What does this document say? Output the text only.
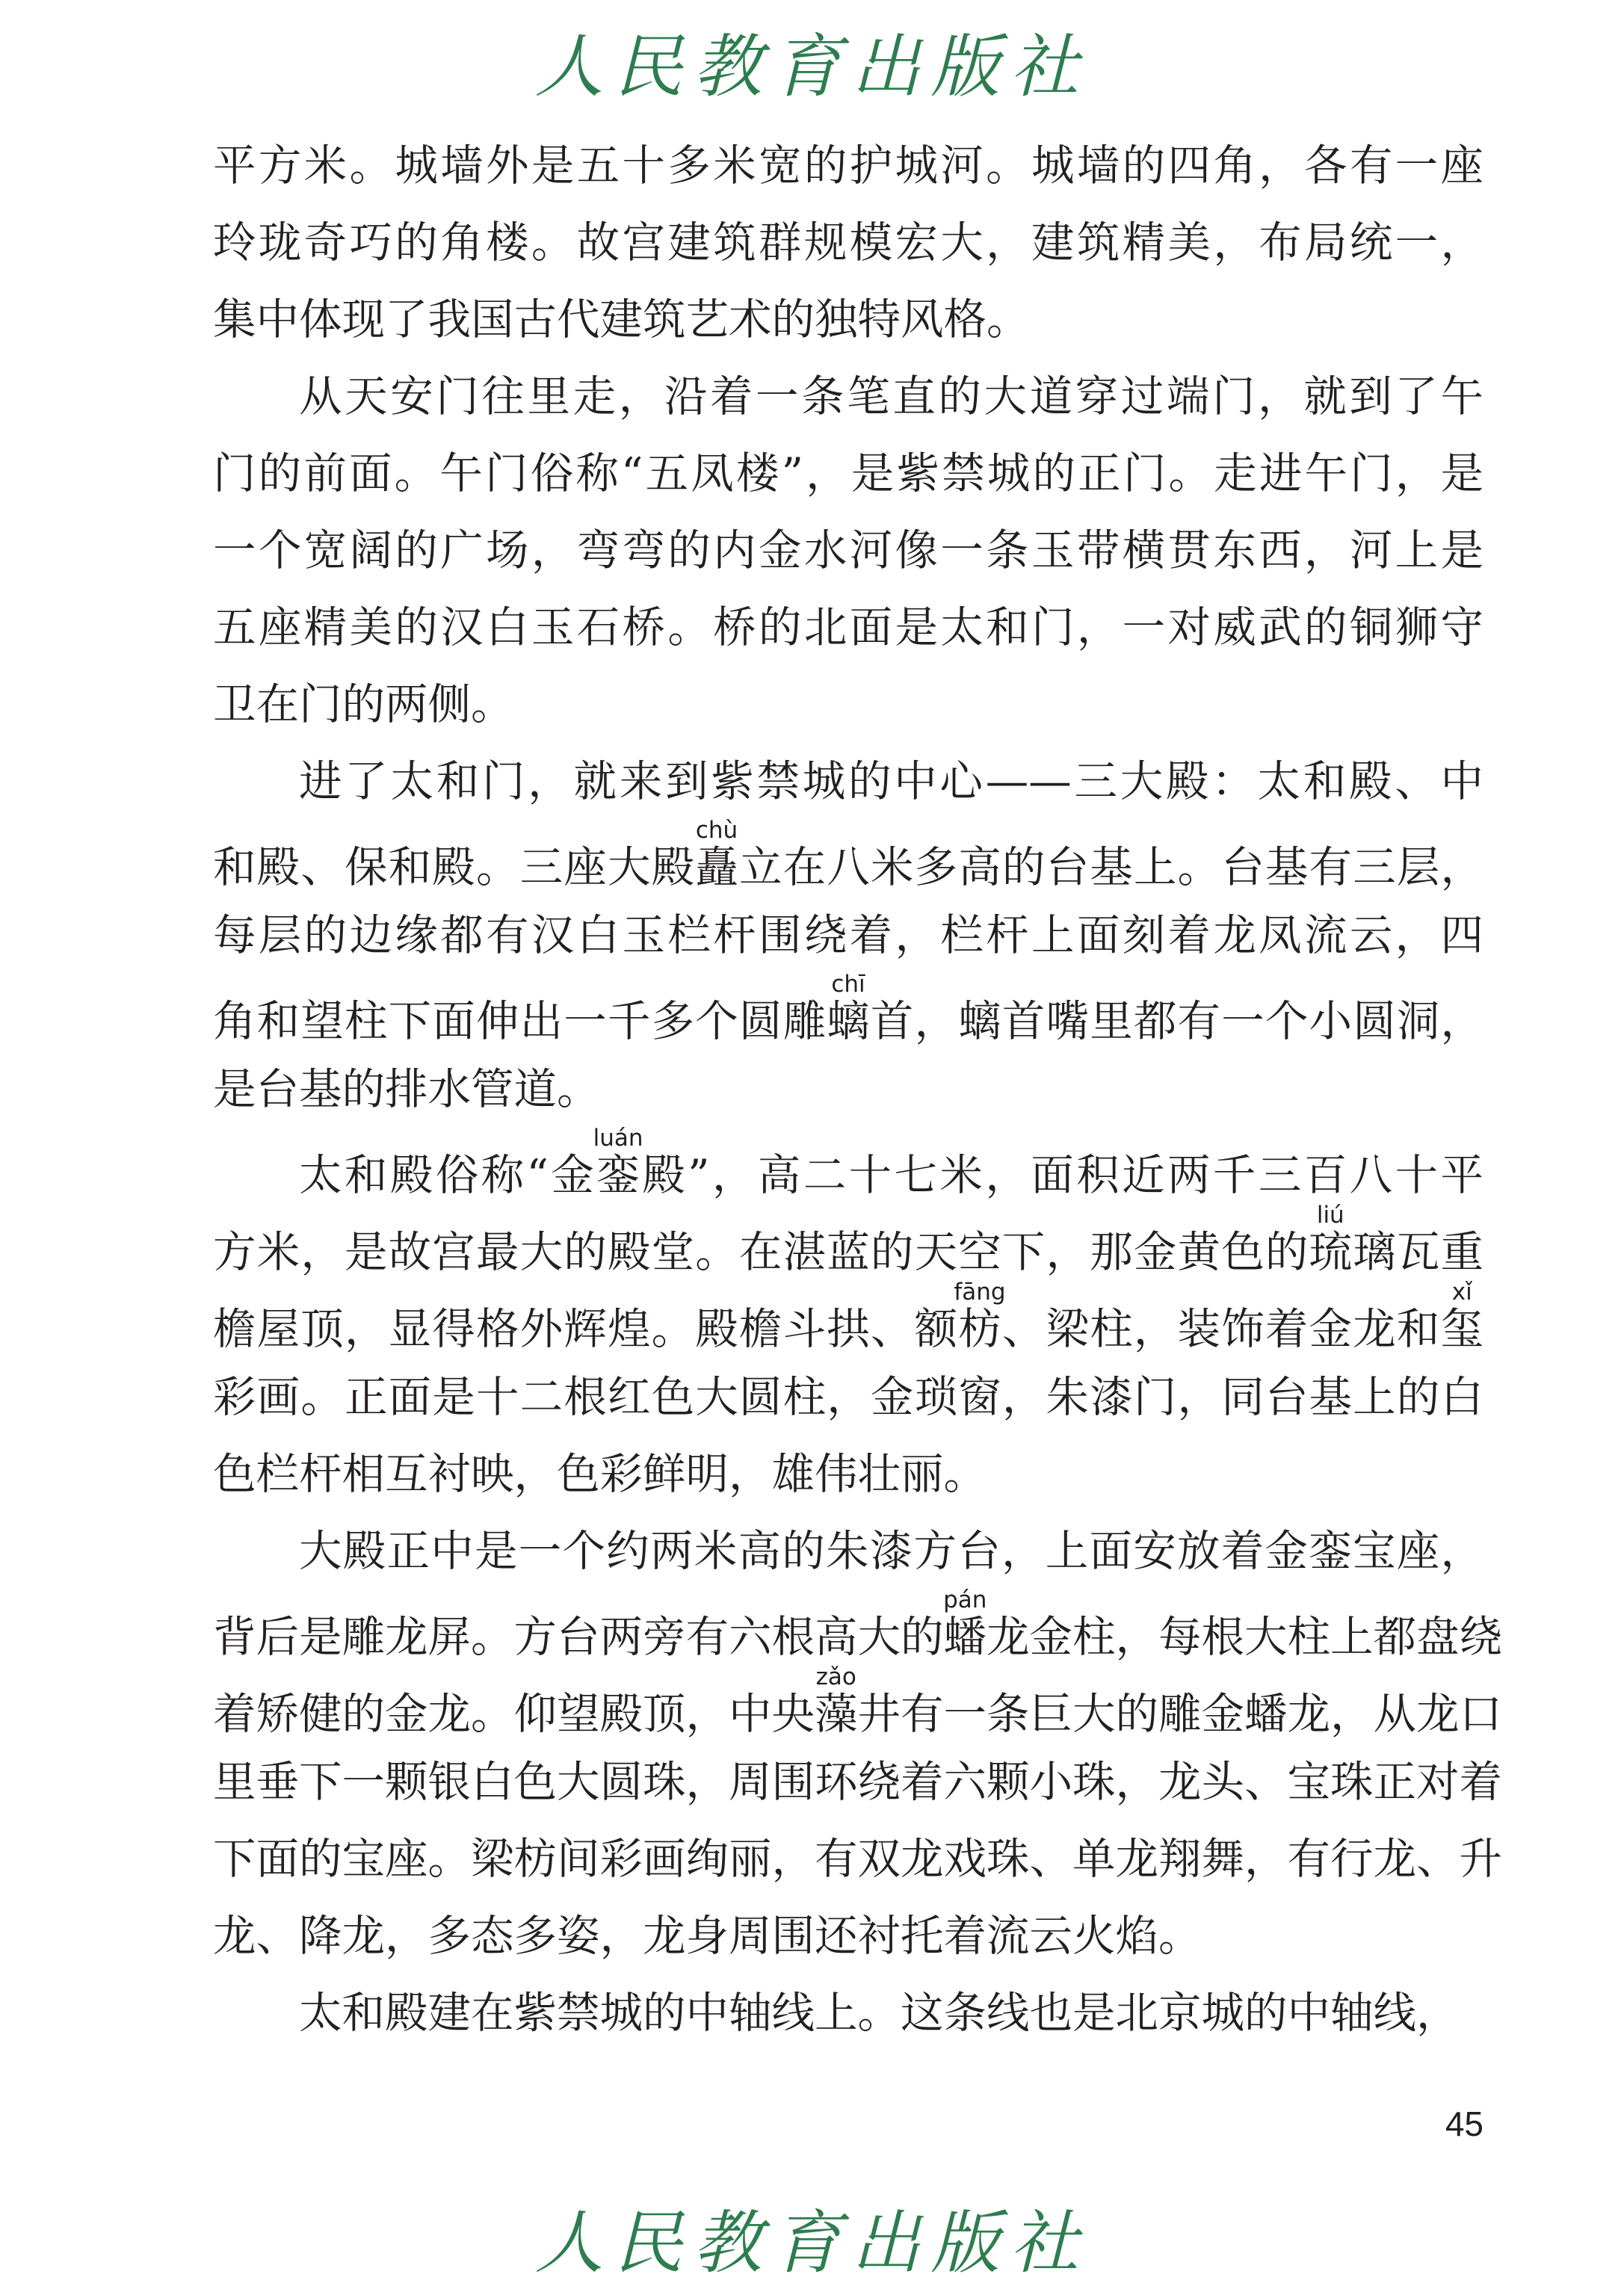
人民教育出版社
平方米。城墙外是五十多米宽的护城河。城墙的四角，各有一座
玲珑奇巧的角楼。故宫建筑群规模宏大，建筑精美，布局统一，
集中体现了我国古代建筑艺术的独特风格。
从天安门往里走，沿着一条笔直的大道穿过端门，就到了午
门的前面。午门俗称“五凤楼”，是紫禁城的正门。走进午门，是
一个宽阔的广场，弯弯的内金水河像一条玉带横贯东西，河上是
五座精美的汉白玉石桥。桥的北面是太和门，一对威武的铜狮守
卫在门的两侧。
进了太和门，就来到紫禁城的中心——三大殿：太和殿、中
和殿、保和殿。三座大殿矗chù立在八米多高的台基上。台基有三层，
每层的边缘都有汉白玉栏杆围绕着，栏杆上面刻着龙凤流云，四
角和望柱下面伸出一千多个圆雕螭chī首，螭首嘴里都有一个小圆洞，
是台基的排水管道。
太和殿俗称“金銮luán殿”，高二十七米，面积近两千三百八十平
方米，是故宫最大的殿堂。在湛蓝的天空下，那金黄色的琉liú璃瓦重
檐屋顶，显得格外辉煌。殿檐斗拱、额枋fāng、梁柱，装饰着金龙和玺xǐ
彩画。正面是十二根红色大圆柱，金琐窗，朱漆门，同台基上的白
色栏杆相互衬映，色彩鲜明，雄伟壮丽。
大殿正中是一个约两米高的朱漆方台，上面安放着金銮宝座，
背后是雕龙屏。方台两旁有六根高大的蟠pán龙金柱，每根大柱上都盘绕
着矫健的金龙。仰望殿顶，中央藻zǎo井有一条巨大的雕金蟠龙，从龙口
里垂下一颗银白色大圆珠，周围环绕着六颗小珠，龙头、宝珠正对着
下面的宝座。梁枋间彩画绚丽，有双龙戏珠、单龙翔舞，有行龙、升
龙、降龙，多态多姿，龙身周围还衬托着流云火焰。
太和殿建在紫禁城的中轴线上。这条线也是北京城的中轴线，
45
人民教育出版社
